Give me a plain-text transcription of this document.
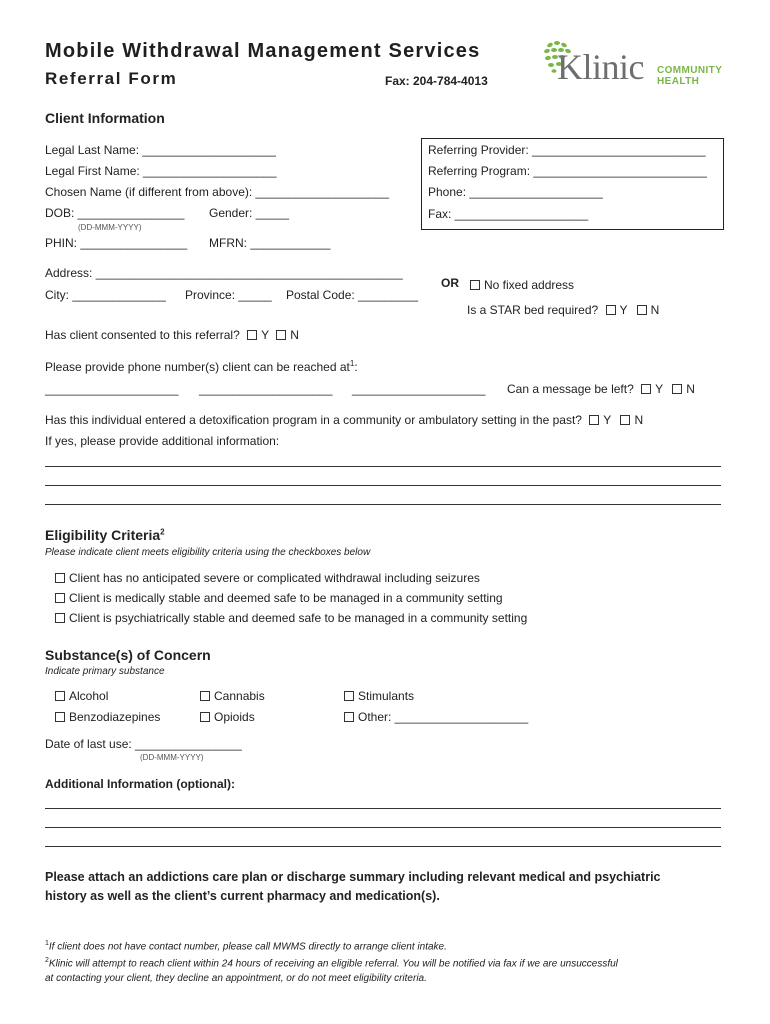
Mobile Withdrawal Management Services
Referral Form	Fax: 204-784-4013 Klinic COMMUNITY
HEALTH
Client Information
Legal Last Name: ____________________
Legal First Name: ____________________
Chosen Name (if different from above): ____________________
DOB: ________________
(DD-MMM-YYYY)
Gender: _____
PHIN: ________________ MFRN: ____________
Referring Provider: __________________________
Referring Program: __________________________
Phone: ____________________
Fax: ____________________
Address: ______________________________________________
City: ______________ Province: _____ Postal Code: _________
OR	No fixed address
Is a STAR bed required? Y N
Has client consented to this referral? Y N
Please provide phone number(s) client can be reached $at^1$:
____________________ ____________________ ____________________ Can a message be left? Y N
Has this individual entered a detoxification program in a community or ambulatory setting in the past? Y N
If yes, please provide additional information:
Eligibility Criteria$^2$
Please indicate client meets eligibility criteria using the checkboxes below
Client has no anticipated severe or complicated withdrawal including seizures
Client is medically stable and deemed safe to be managed in a community setting
Client is psychiatrically stable and deemed safe to be managed in a community setting
Substance(s) of Concern
Indicate primary substance
Alcohol
Benzodiazepines
Cannabis
Opioids
Stimulants
Other: ____________________
Date of last use: ________________
(DD-MMM-YYYY)
Additional Information (optional):
Please attach an addictions care plan or discharge summary including relevant medical and psychiatric
history as well as the client’s current pharmacy and medication(s).
$^1$If client does not have contact number, please call MWMS directly to arrange client intake.
$^2$Klinic will attempt to reach client within 24 hours of receiving an eligible referral. You will be notified via fax if we are unsuccessful
at contacting your client, they decline an appointment, or do not meet eligibility criteria.
